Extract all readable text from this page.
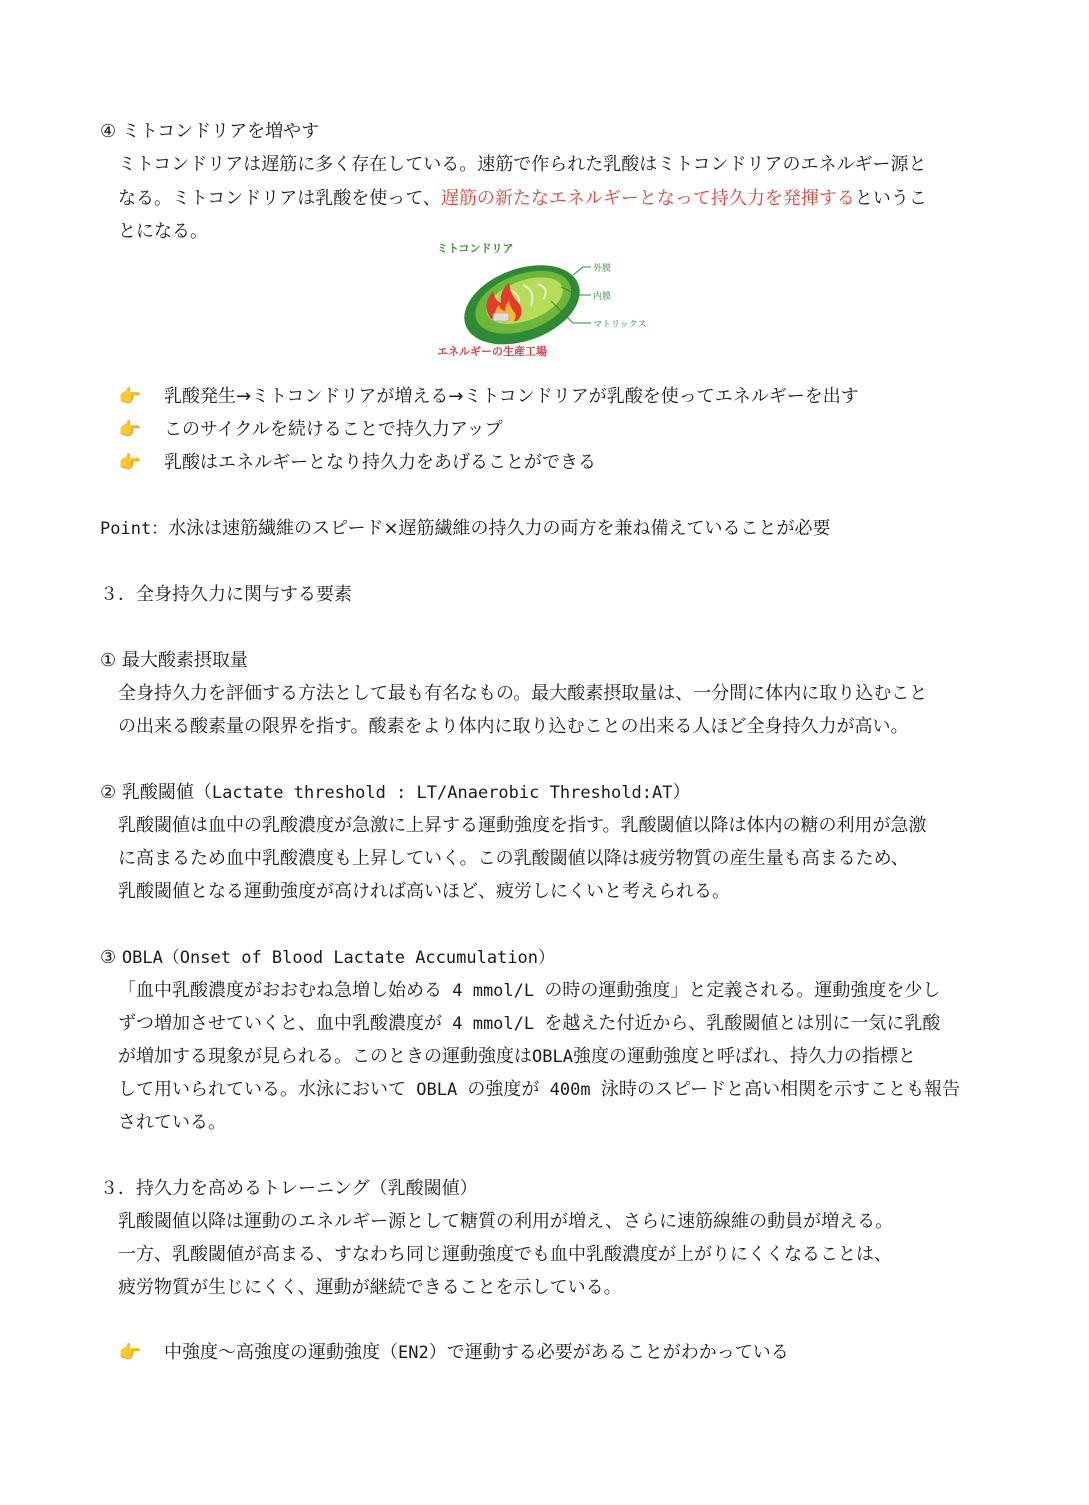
④ ミトコンドリアを増やす
ミトコンドリアは遅筋に多く存在している。速筋で作られた乳酸はミトコンドリアのエネルギー源と
なる。ミトコンドリアは乳酸を使って、遅筋の新たなエネルギーとなって持久力を発揮するというこ
とになる。
ミトコンドリア
外膜
内膜
マトリックス
エネルギーの生産工場
👉 乳酸発生→ミトコンドリアが増える→ミトコンドリアが乳酸を使ってエネルギーを出す
👉 このサイクルを続けることで持久力アップ
👉 乳酸はエネルギーとなり持久力をあげることができる
Point：水泳は速筋繊維のスピード×遅筋繊維の持久力の両方を兼ね備えていることが必要
３．全身持久力に関与する要素
① 最大酸素摂取量
全身持久力を評価する方法として最も有名なもの。最大酸素摂取量は、一分間に体内に取り込むこと
の出来る酸素量の限界を指す。酸素をより体内に取り込むことの出来る人ほど全身持久力が高い。
② 乳酸閾値（Lactate threshold : LT/Anaerobic Threshold:AT）
乳酸閾値は血中の乳酸濃度が急激に上昇する運動強度を指す。乳酸閾値以降は体内の糖の利用が急激
に高まるため血中乳酸濃度も上昇していく。この乳酸閾値以降は疲労物質の産生量も高まるため、
乳酸閾値となる運動強度が高ければ高いほど、疲労しにくいと考えられる。
③ OBLA（Onset of Blood Lactate Accumulation）
「血中乳酸濃度がおおむね急増し始める 4 mmol/L の時の運動強度」と定義される。運動強度を少し
ずつ増加させていくと、血中乳酸濃度が 4 mmol/L を越えた付近から、乳酸閾値とは別に一気に乳酸
が増加する現象が見られる。このときの運動強度はOBLA強度の運動強度と呼ばれ、持久力の指標と
して用いられている。水泳において OBLA の強度が 400m 泳時のスピードと高い相関を示すことも報告
されている。
３．持久力を高めるトレーニング（乳酸閾値）
乳酸閾値以降は運動のエネルギー源として糖質の利用が増え、さらに速筋線維の動員が増える。
一方、乳酸閾値が高まる、すなわち同じ運動強度でも血中乳酸濃度が上がりにくくなることは、
疲労物質が生じにくく、運動が継続できることを示している。
👉 中強度～高強度の運動強度（EN2）で運動する必要があることがわかっている
